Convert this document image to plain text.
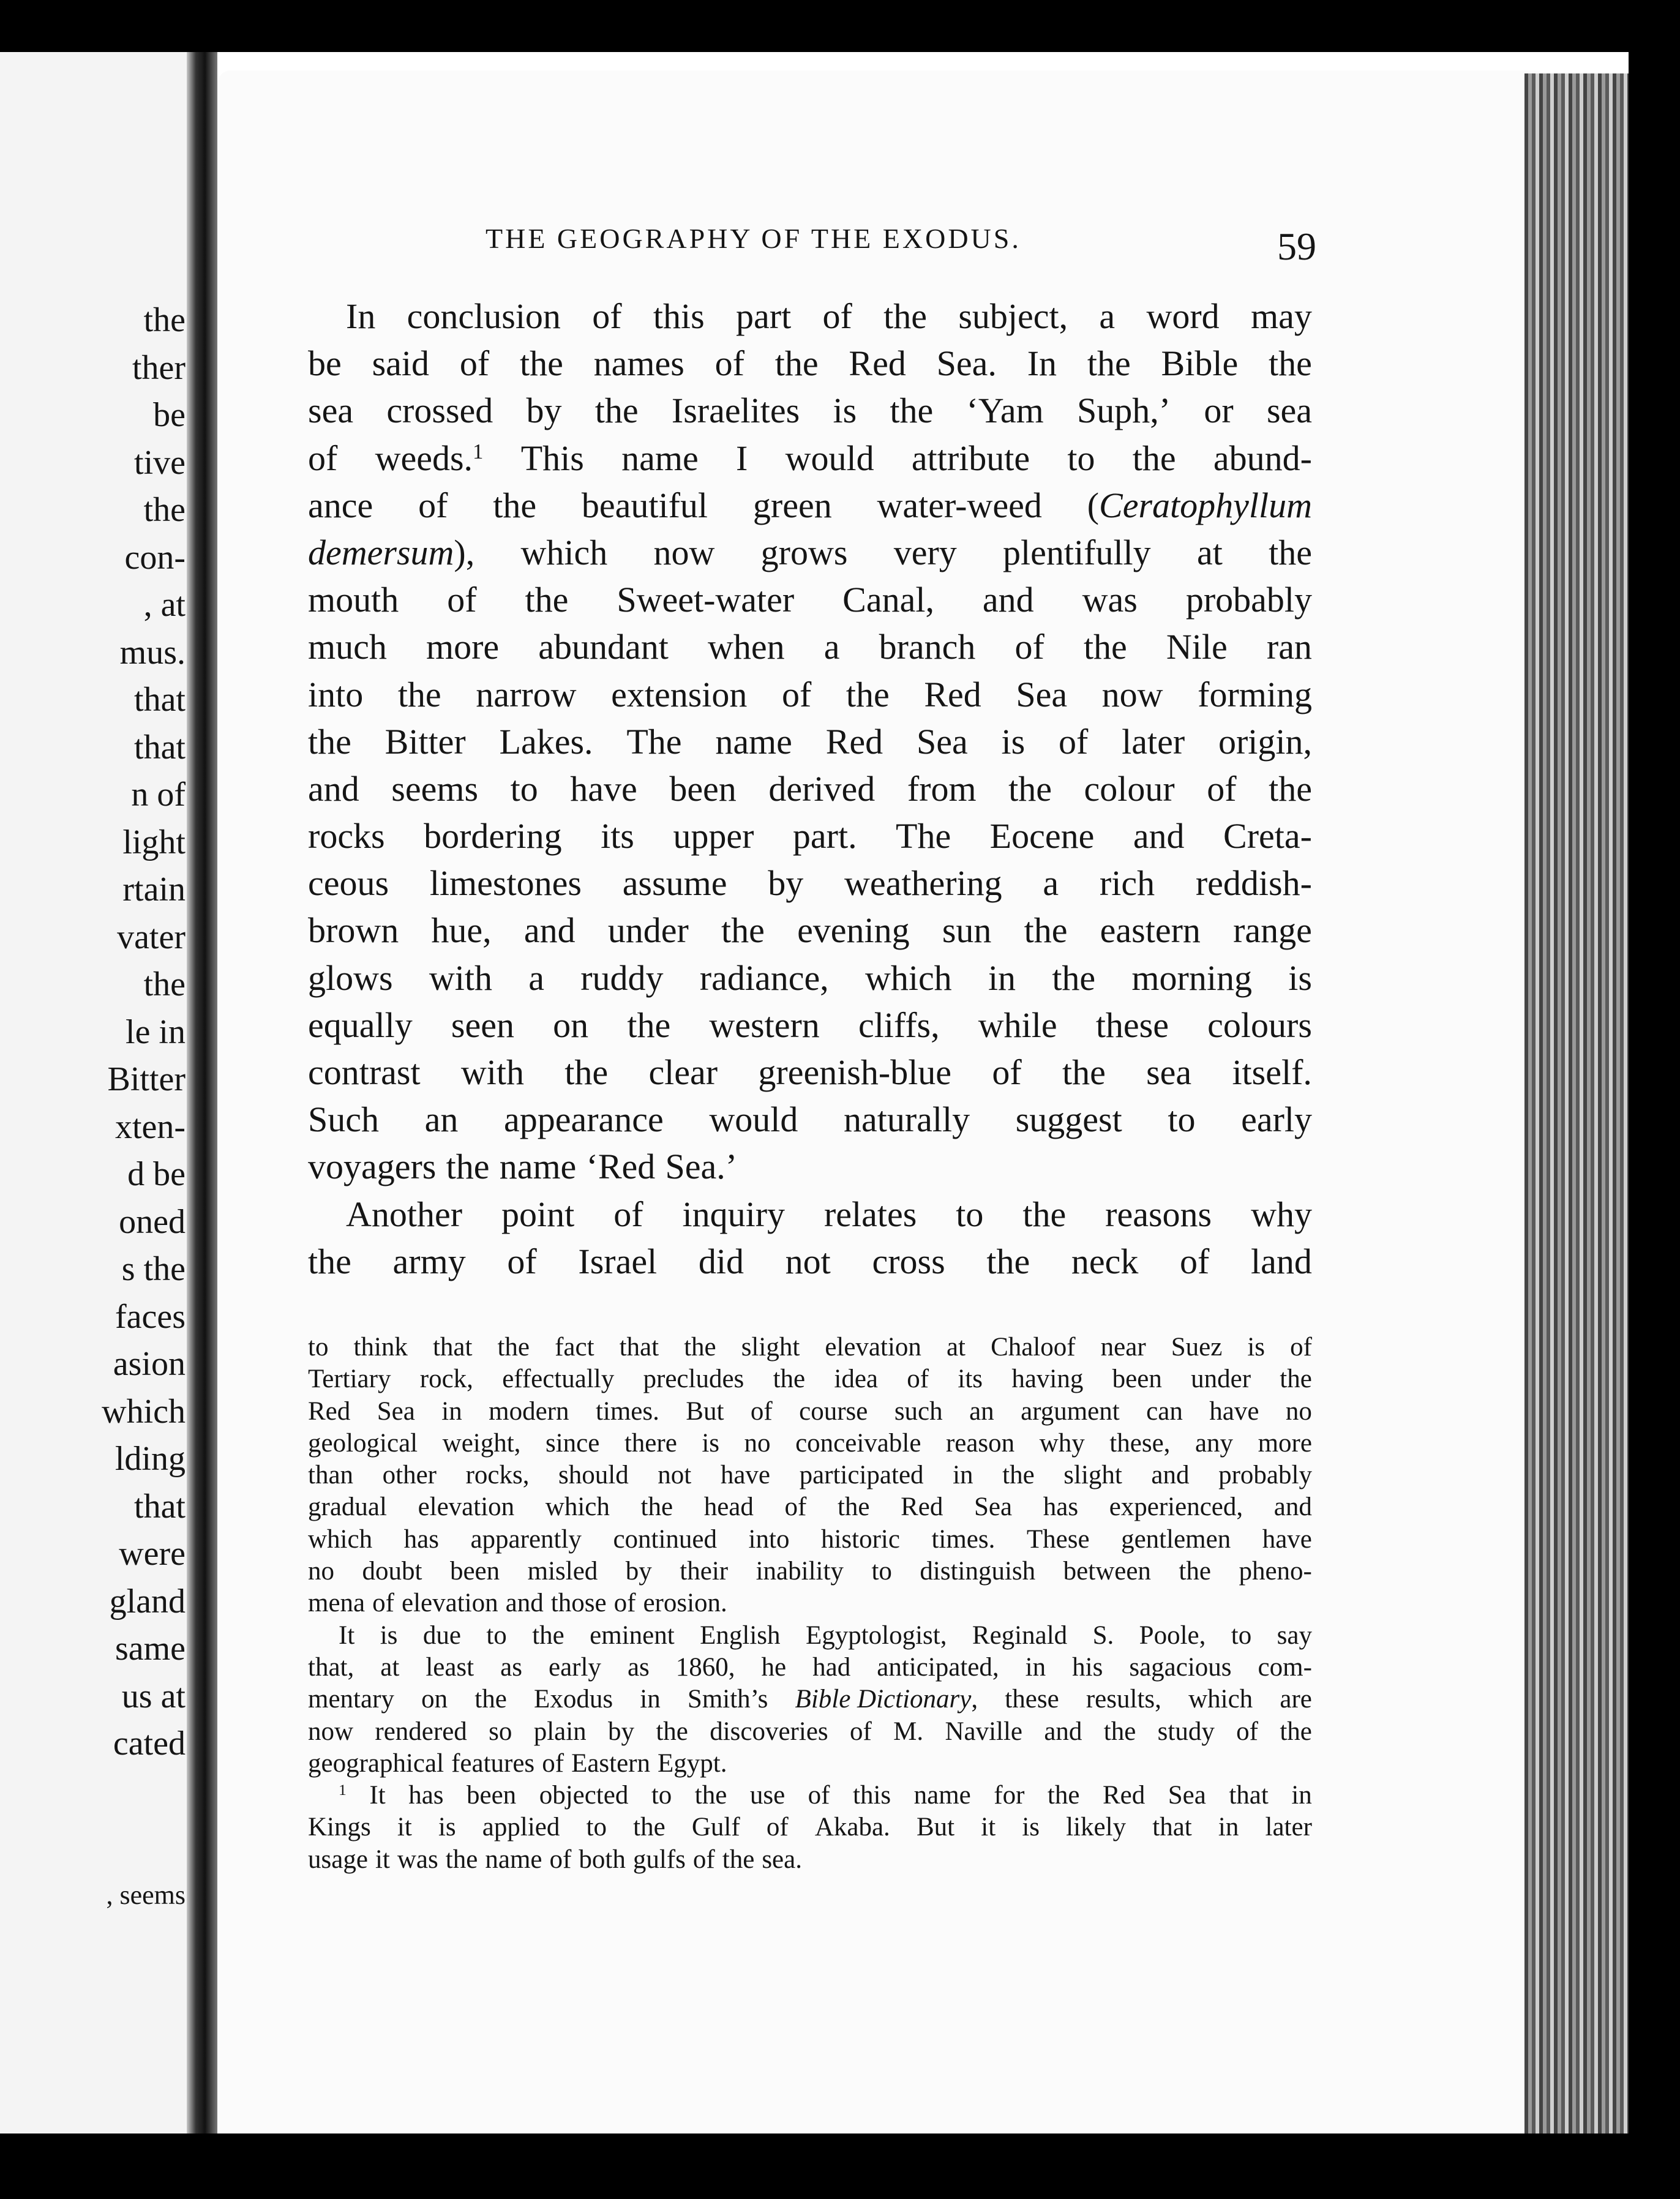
the
ther
be
tive
the
con-
, at
mus.
that
that
n of
light
rtain
vater
the
le in
Bitter
xten-
d be
oned
s the
faces
asion
which
lding
that
were
gland
same
us at
cated
, seems
THE GEOGRAPHY OF THE EXODUS.	59
In conclusion of this part of the subject, a word may
be said of the names of the Red Sea. In the Bible the
sea crossed by the Israelites is the ‘Yam Suph,’ or sea
of weeds.$^1$ This name I would attribute to the abund-
ance of the beautiful green water-weed (Ceratophyllum
demersum), which now grows very plentifully at the
mouth of the Sweet-water Canal, and was probably
much more abundant when a branch of the Nile ran
into the narrow extension of the Red Sea now forming
the Bitter Lakes. The name Red Sea is of later origin,
and seems to have been derived from the colour of the
rocks bordering its upper part. The Eocene and Creta-
ceous limestones assume by weathering a rich reddish-
brown hue, and under the evening sun the eastern range
glows with a ruddy radiance, which in the morning is
equally seen on the western cliffs, while these colours
contrast with the clear greenish-blue of the sea itself.
Such an appearance would naturally suggest to early
voyagers the name ‘Red Sea.’
Another point of inquiry relates to the reasons why
the army of Israel did not cross the neck of land
to think that the fact that the slight elevation at Chaloof near Suez is of
Tertiary rock, effectually precludes the idea of its having been under the
Red Sea in modern times. But of course such an argument can have no
geological weight, since there is no conceivable reason why these, any more
than other rocks, should not have participated in the slight and probably
gradual elevation which the head of the Red Sea has experienced, and
which has apparently continued into historic times. These gentlemen have
no doubt been misled by their inability to distinguish between the pheno-
mena of elevation and those of erosion.
It is due to the eminent English Egyptologist, Reginald S. Poole, to say
that, at least as early as 1860, he had anticipated, in his sagacious com-
mentary on the Exodus in Smith’s Bible Dictionary, these results, which are
now rendered so plain by the discoveries of M. Naville and the study of the
geographical features of Eastern Egypt.
$^1$ It has been objected to the use of this name for the Red Sea that in
Kings it is applied to the Gulf of Akaba. But it is likely that in later
usage it was the name of both gulfs of the sea.
